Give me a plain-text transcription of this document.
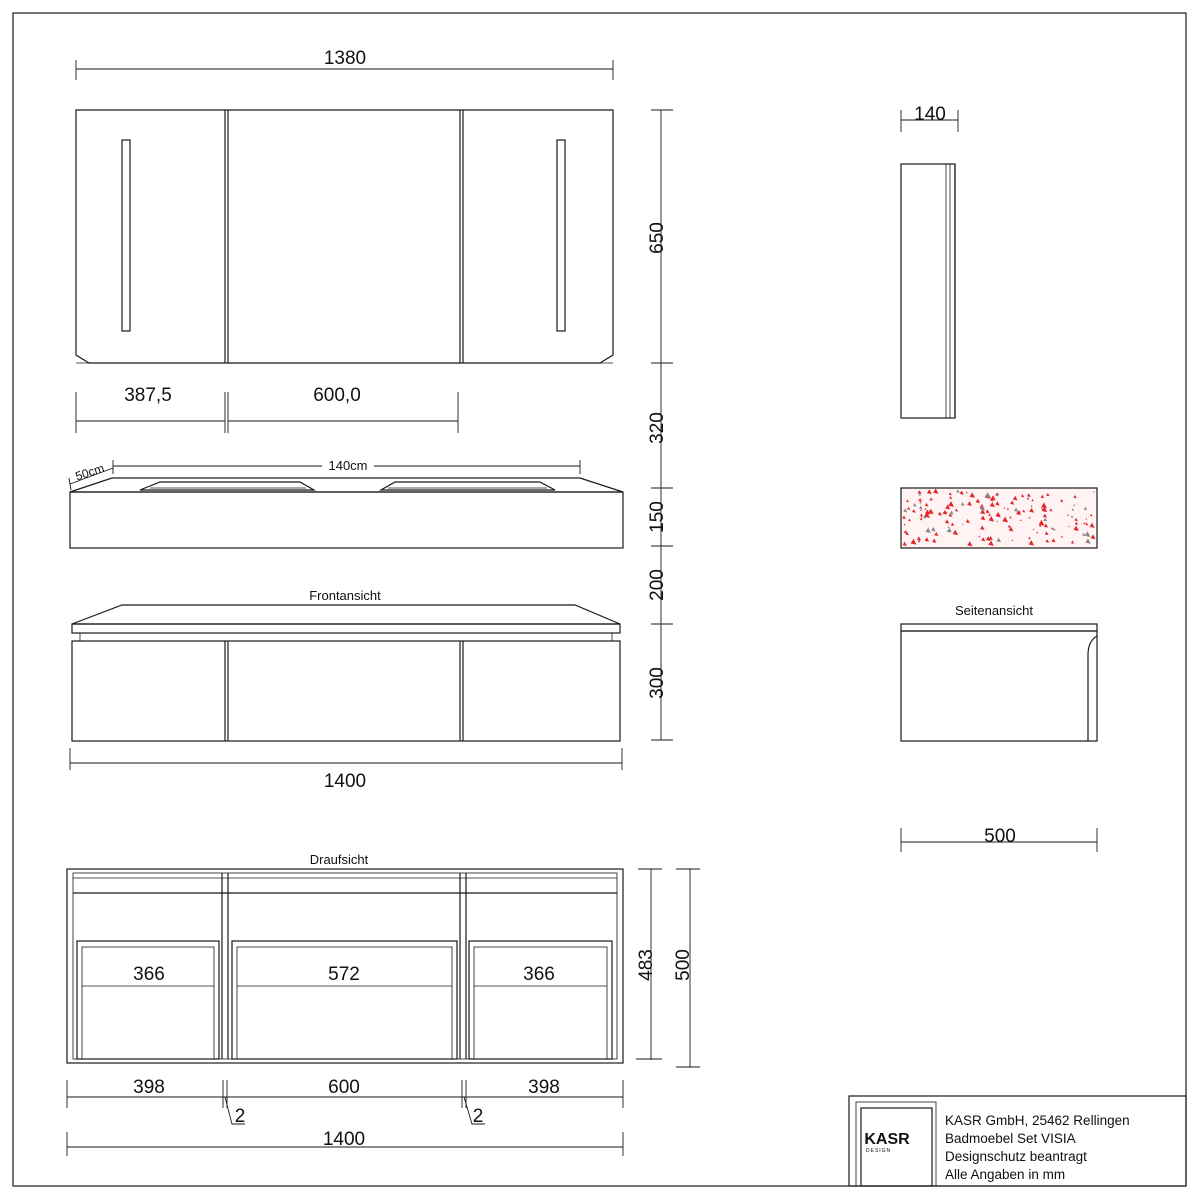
1380
387,5	600,0
650
320
150
200
300
140
140cm
50cm
Frontansicht
1400
Seitenansicht
500
Draufsicht
366	572	366	483 500
398	600	398
2	2
1400	KASR
DESIGN
KASR GmbH, 25462 Rellingen
Badmoebel Set VISIA
Designschutz beantragt
Alle Angaben in mm
